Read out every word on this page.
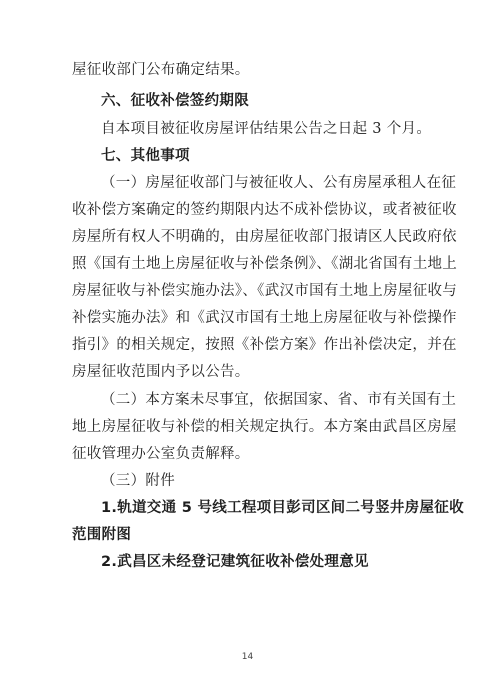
屋征收部门公布确定结果。
六、征收补偿签约期限
自本项目被征收房屋评估结果公告之日起 3 个月。
七、其他事项
（一）房屋征收部门与被征收人、公有房屋承租人在征
收补偿方案确定的签约期限内达不成补偿协议，或者被征收
房屋所有权人不明确的，由房屋征收部门报请区人民政府依
照《国有土地上房屋征收与补偿条例》、《湖北省国有土地上
房屋征收与补偿实施办法》、《武汉市国有土地上房屋征收与
补偿实施办法》和《武汉市国有土地上房屋征收与补偿操作
指引》的相关规定，按照《补偿方案》作出补偿决定，并在
房屋征收范围内予以公告。
（二）本方案未尽事宜，依据国家、省、市有关国有土
地上房屋征收与补偿的相关规定执行。本方案由武昌区房屋
征收管理办公室负责解释。
（三）附件
1.轨道交通 5 号线工程项目彭司区间二号竖井房屋征收
范围附图
2.武昌区未经登记建筑征收补偿处理意见
14
